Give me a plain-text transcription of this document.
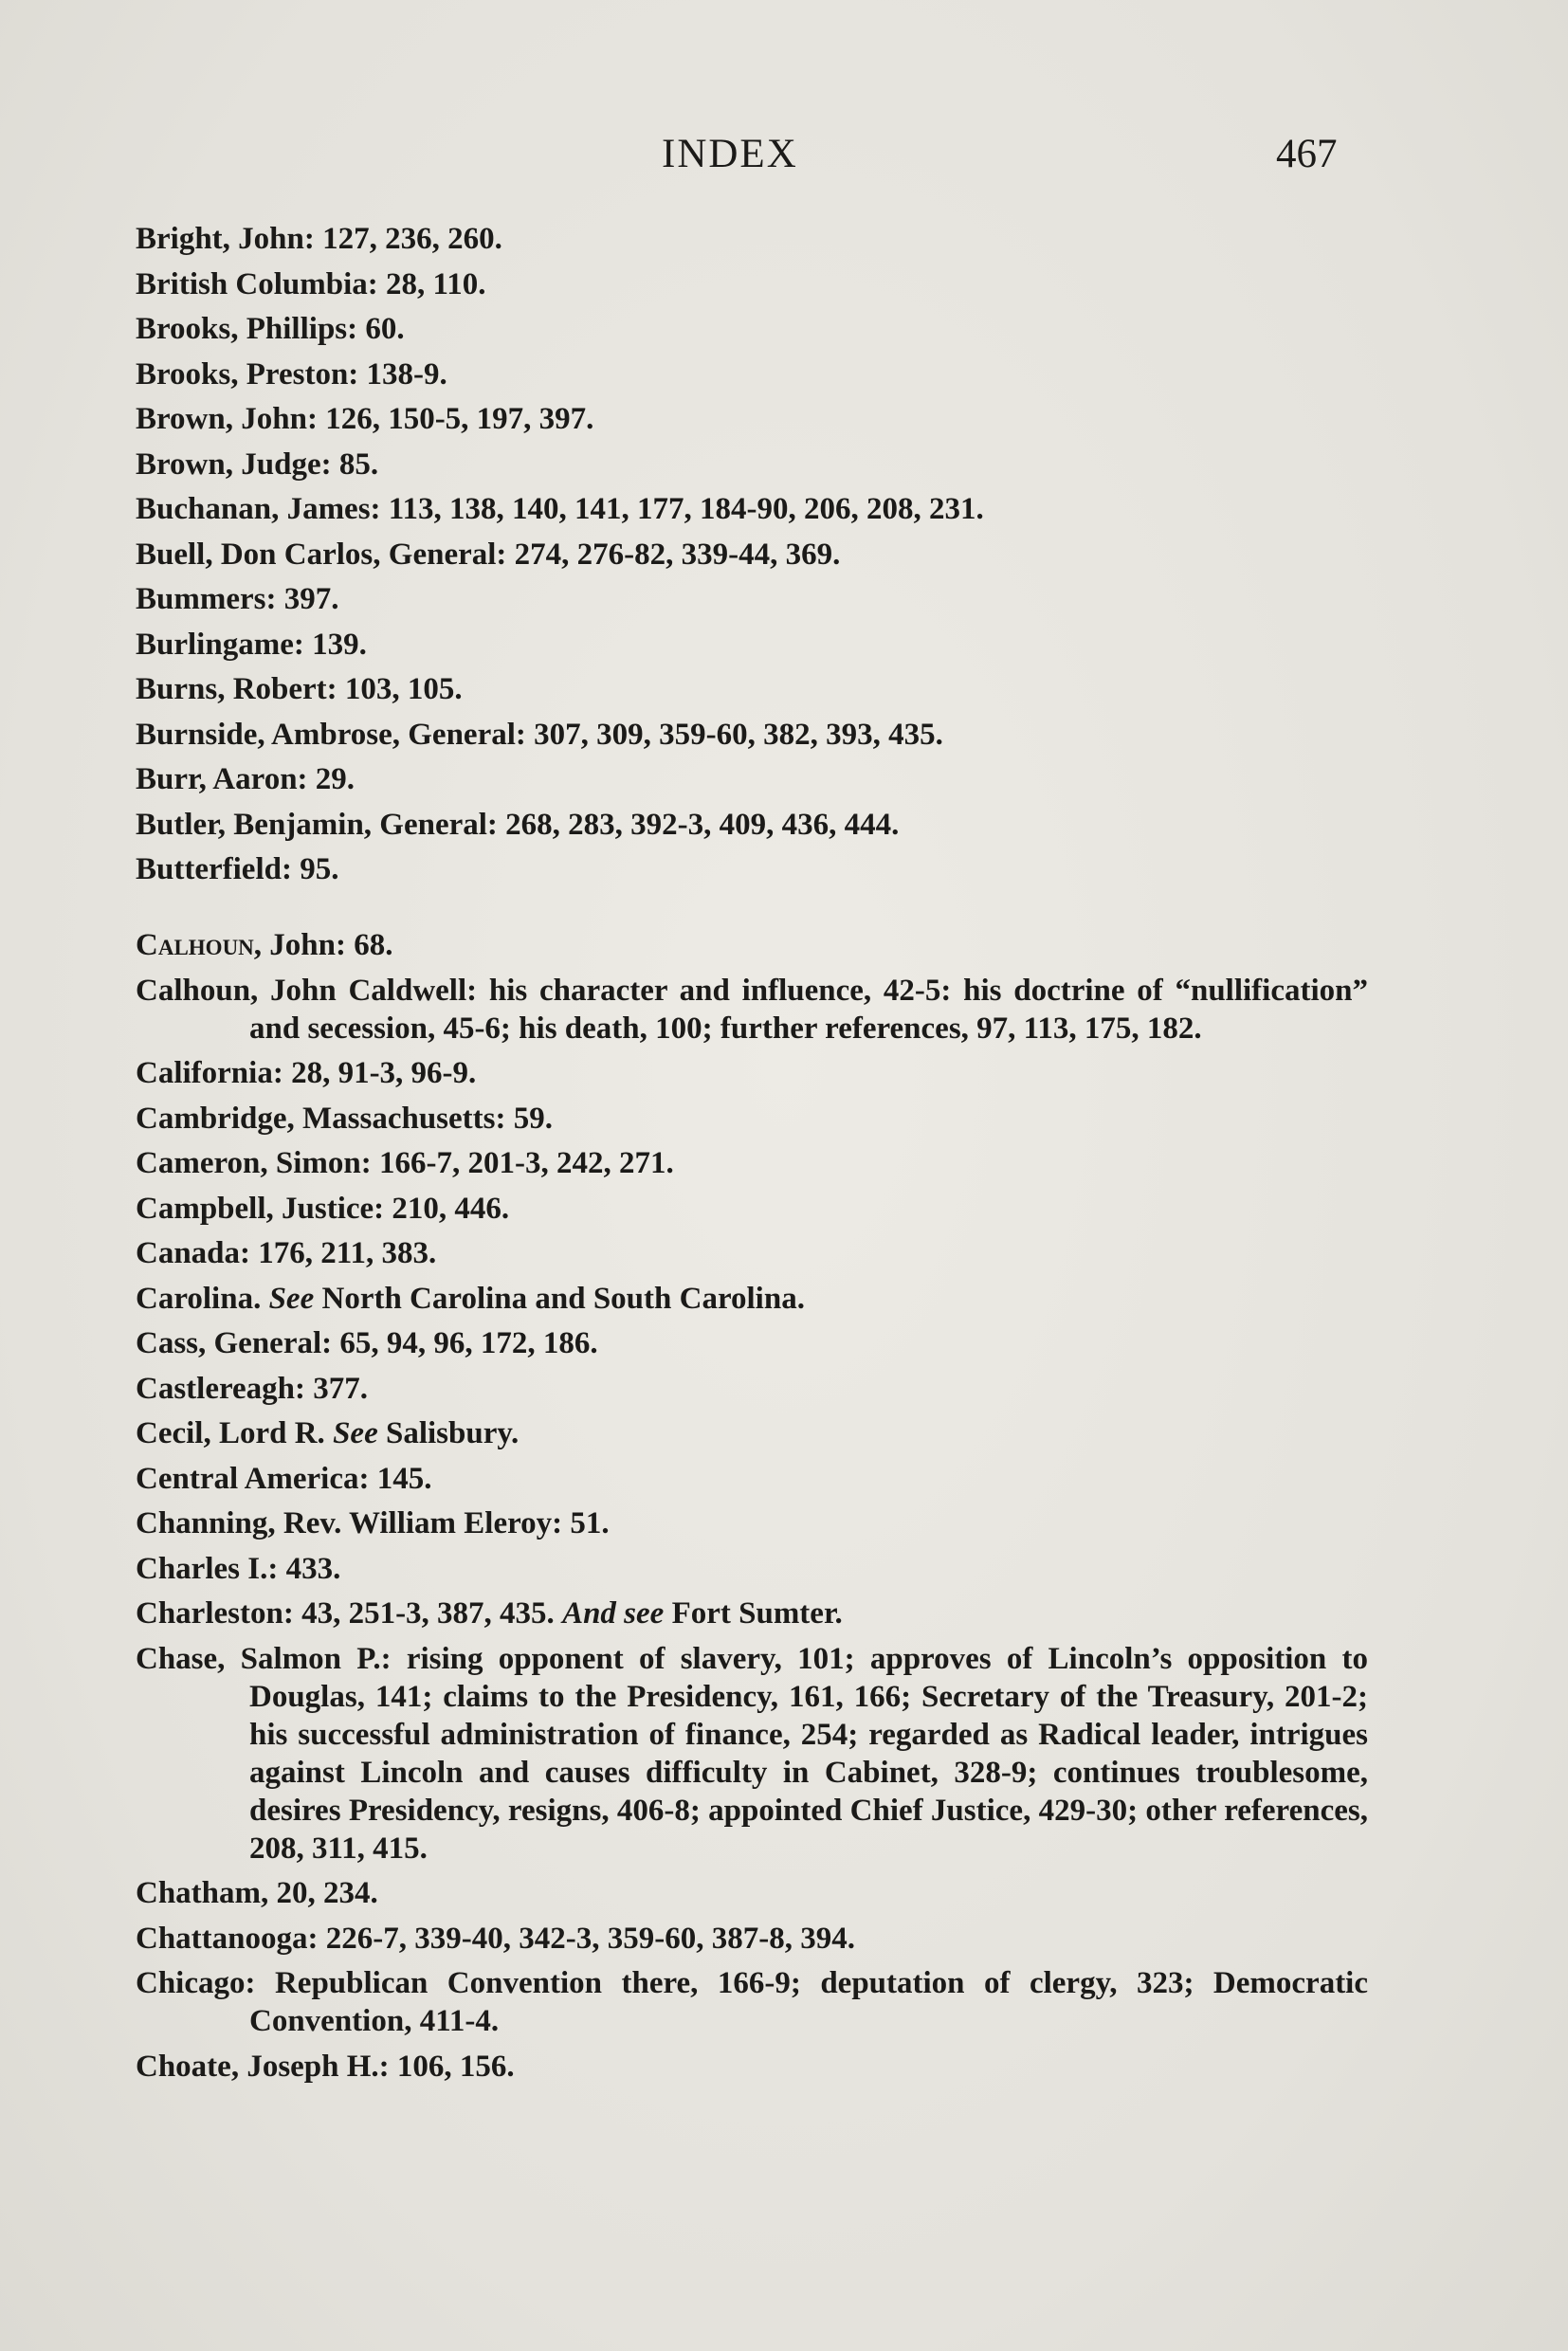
INDEX	467
Bright, John: 127, 236, 260.
British Columbia: 28, 110.
Brooks, Phillips: 60.
Brooks, Preston: 138-9.
Brown, John: 126, 150-5, 197, 397.
Brown, Judge: 85.
Buchanan, James: 113, 138, 140, 141, 177, 184-90, 206, 208, 231.
Buell, Don Carlos, General: 274, 276-82, 339-44, 369.
Bummers: 397.
Burlingame: 139.
Burns, Robert: 103, 105.
Burnside, Ambrose, General: 307, 309, 359-60, 382, 393, 435.
Burr, Aaron: 29.
Butler, Benjamin, General: 268, 283, 392-3, 409, 436, 444.
Butterfield: 95.
Calhoun, John: 68.
Calhoun, John Caldwell: his character and influence, 42-5: his doctrine of “nullification” and secession, 45-6; his death, 100; further references, 97, 113, 175, 182.
California: 28, 91-3, 96-9.
Cambridge, Massachusetts: 59.
Cameron, Simon: 166-7, 201-3, 242, 271.
Campbell, Justice: 210, 446.
Canada: 176, 211, 383.
Carolina. See North Carolina and South Carolina.
Cass, General: 65, 94, 96, 172, 186.
Castlereagh: 377.
Cecil, Lord R. See Salisbury.
Central America: 145.
Channing, Rev. William Eleroy: 51.
Charles I.: 433.
Charleston: 43, 251-3, 387, 435. And see Fort Sumter.
Chase, Salmon P.: rising opponent of slavery, 101; approves of Lincoln’s opposition to Douglas, 141; claims to the Presidency, 161, 166; Secretary of the Treasury, 201-2; his successful administration of finance, 254; regarded as Radical leader, intrigues against Lincoln and causes difficulty in Cabinet, 328-9; continues troublesome, desires Presidency, resigns, 406-8; appointed Chief Justice, 429-30; other references, 208, 311, 415.
Chatham, 20, 234.
Chattanooga: 226-7, 339-40, 342-3, 359-60, 387-8, 394.
Chicago: Republican Convention there, 166-9; deputation of clergy, 323; Democratic Convention, 411-4.
Choate, Joseph H.: 106, 156.
